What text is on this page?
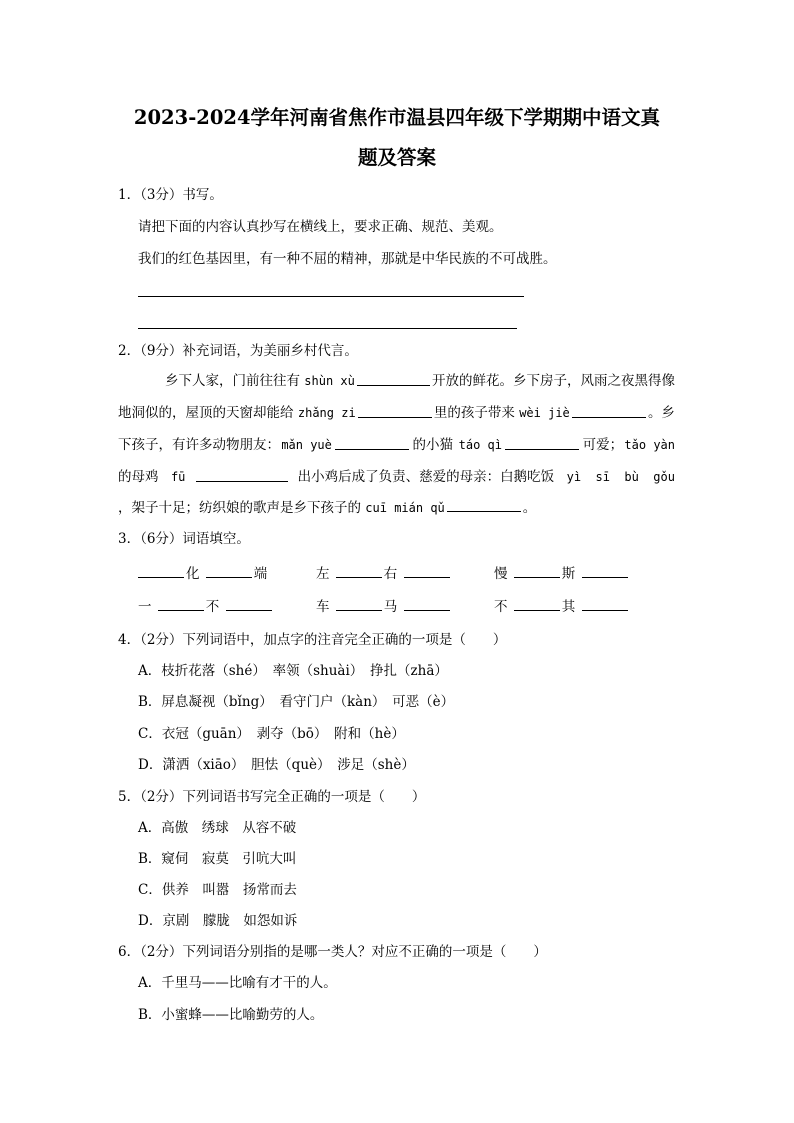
2023-2024学年河南省焦作市温县四年级下学期期中语文真
题及答案
1．（3分）书写。
请把下面的内容认真抄写在横线上，要求正确、规范、美观。
我们的红色基因里，有一种不屈的精神，那就是中华民族的不可战胜。
2．（9分）补充词语，为美丽乡村代言。
　　乡下人家，门前往往有 shùn xù	开放的鲜花。乡下房子，风雨之夜黑得像
地洞似的，屋顶的天窗却能给 zhǎng zi	里的孩子带来 wèi jiè	。乡
下孩子，有许多动物朋友： mǎn yuè	的小猫 táo qì	可爱； tǎo yàn
的母鸡 fū	出小鸡后成了负责、慈爱的母亲：白鹅吃饭 yì  sī  bù  gǒu
，架子十足；纺织娘的歌声是乡下孩子的 cuī mián qǔ	。
3．（6分）词语填空。
化	端	左	右	慢	斯
一	不	车	马	不	其
4．（2分）下列词语中，加点字的注音完全正确的一项是（　　）
A．枝折花落（shé）　率领（shuài）　挣扎（zhā）
B．屏息凝视（bǐng）　看守门户（kàn）　可恶（è）
C．衣冠（guān）　剥夺（bō）　附和（hè）
D．潇洒（xiāo）　胆怯（què）　涉足（shè）
5．（2分）下列词语书写完全正确的一项是（　　）
A．高傲　绣球　从容不破
B．窥伺　寂莫　引吭大叫
C．供养　叫嚣　扬常而去
D．京剧　朦胧　如怨如诉
6．（2分）下列词语分别指的是哪一类人？对应不正确的一项是（　　）
A．千里马——比喻有才干的人。
B．小蜜蜂——比喻勤劳的人。
